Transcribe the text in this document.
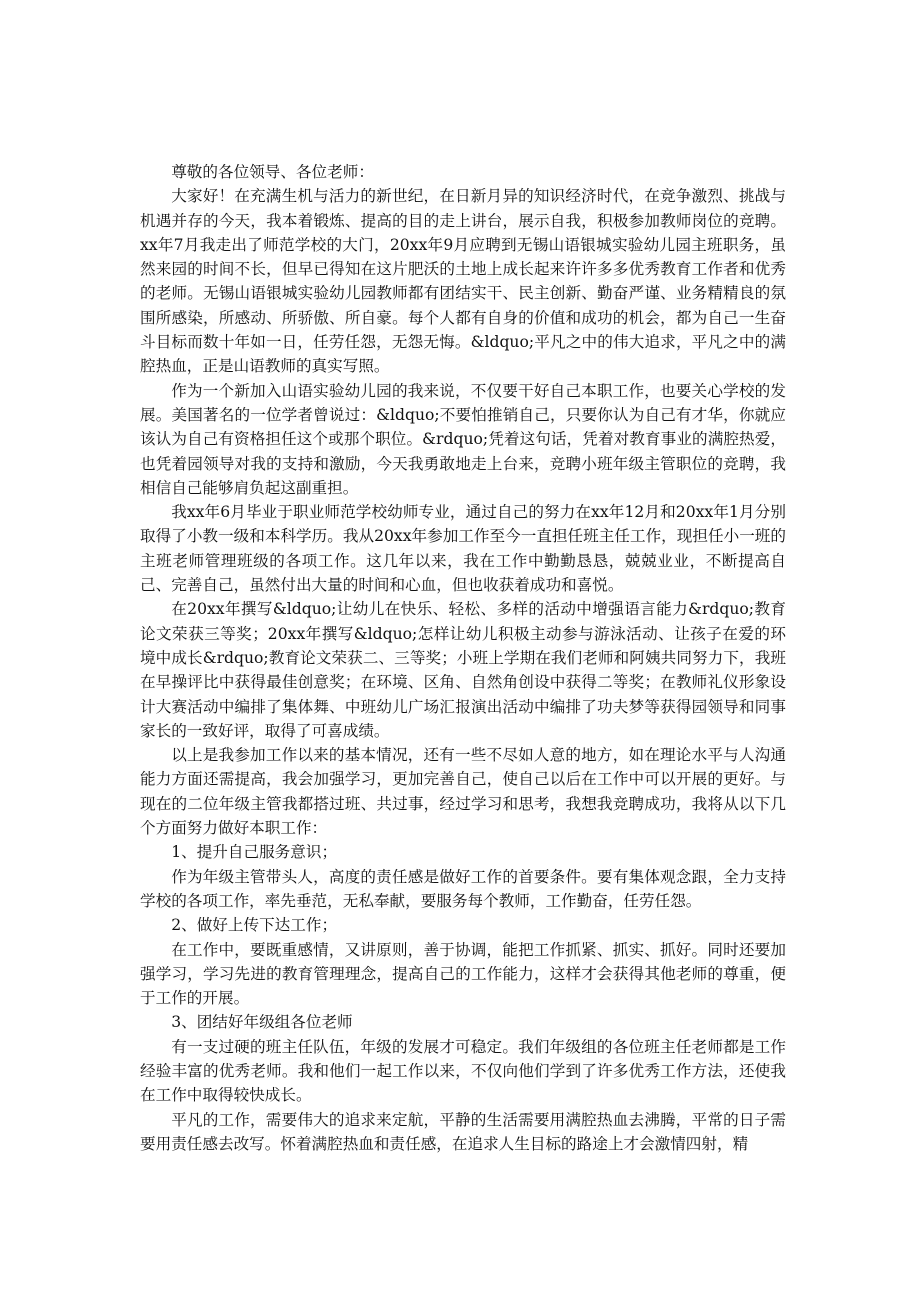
尊敬的各位领导、各位老师：

大家好！在充满生机与活力的新世纪，在日新月异的知识经济时代，在竞争激烈、挑战与机遇并存的今天，我本着锻炼、提高的目的走上讲台，展示自我，积极参加教师岗位的竞聘。xx年7月我走出了师范学校的大门，20xx年9月应聘到无锡山语银城实验幼儿园主班职务，虽然来园的时间不长，但早已得知在这片肥沃的土地上成长起来许许多多优秀教育工作者和优秀的老师。无锡山语银城实验幼儿园教师都有团结实干、民主创新、勤奋严谨、业务精精良的氛围所感染，所感动、所骄傲、所自豪。每个人都有自身的价值和成功的机会，都为自己一生奋斗目标而数十年如一日，任劳任怨，无怨无悔。&ldquo;平凡之中的伟大追求，平凡之中的满腔热血，正是山语教师的真实写照。

作为一个新加入山语实验幼儿园的我来说，不仅要干好自己本职工作，也要关心学校的发展。美国著名的一位学者曾说过：&ldquo;不要怕推销自己，只要你认为自己有才华，你就应该认为自己有资格担任这个或那个职位。&rdquo;凭着这句话，凭着对教育事业的满腔热爱，也凭着园领导对我的支持和激励，今天我勇敢地走上台来，竞聘小班年级主管职位的竞聘，我相信自己能够肩负起这副重担。

我xx年6月毕业于职业师范学校幼师专业，通过自己的努力在xx年12月和20xx年1月分别取得了小教一级和本科学历。我从20xx年参加工作至今一直担任班主任工作，现担任小一班的主班老师管理班级的各项工作。这几年以来，我在工作中勤勤恳恳，兢兢业业，不断提高自己、完善自己，虽然付出大量的时间和心血，但也收获着成功和喜悦。

在20xx年撰写&ldquo;让幼儿在快乐、轻松、多样的活动中增强语言能力&rdquo;教育论文荣获三等奖；20xx年撰写&ldquo;怎样让幼儿积极主动参与游泳活动、让孩子在爱的环境中成长&rdquo;教育论文荣获二、三等奖；小班上学期在我们老师和阿姨共同努力下，我班在早操评比中获得最佳创意奖；在环境、区角、自然角创设中获得二等奖；在教师礼仪形象设计大赛活动中编排了集体舞、中班幼儿广场汇报演出活动中编排了功夫梦等获得园领导和同事家长的一致好评，取得了可喜成绩。

以上是我参加工作以来的基本情况，还有一些不尽如人意的地方，如在理论水平与人沟通能力方面还需提高，我会加强学习，更加完善自己，使自己以后在工作中可以开展的更好。与现在的二位年级主管我都搭过班、共过事，经过学习和思考，我想我竞聘成功，我将从以下几个方面努力做好本职工作：

1、提升自己服务意识；

作为年级主管带头人，高度的责任感是做好工作的首要条件。要有集体观念跟，全力支持学校的各项工作，率先垂范，无私奉献，要服务每个教师，工作勤奋，任劳任怨。

2、做好上传下达工作；

在工作中，要既重感情，又讲原则，善于协调，能把工作抓紧、抓实、抓好。同时还要加强学习，学习先进的教育管理理念，提高自己的工作能力，这样才会获得其他老师的尊重，便于工作的开展。

3、团结好年级组各位老师

有一支过硬的班主任队伍，年级的发展才可稳定。我们年级组的各位班主任老师都是工作经验丰富的优秀老师。我和他们一起工作以来，不仅向他们学到了许多优秀工作方法，还使我在工作中取得较快成长。

平凡的工作，需要伟大的追求来定航，平静的生活需要用满腔热血去沸腾，平常的日子需要用责任感去改写。怀着满腔热血和责任感，在追求人生目标的路途上才会激情四射，精
